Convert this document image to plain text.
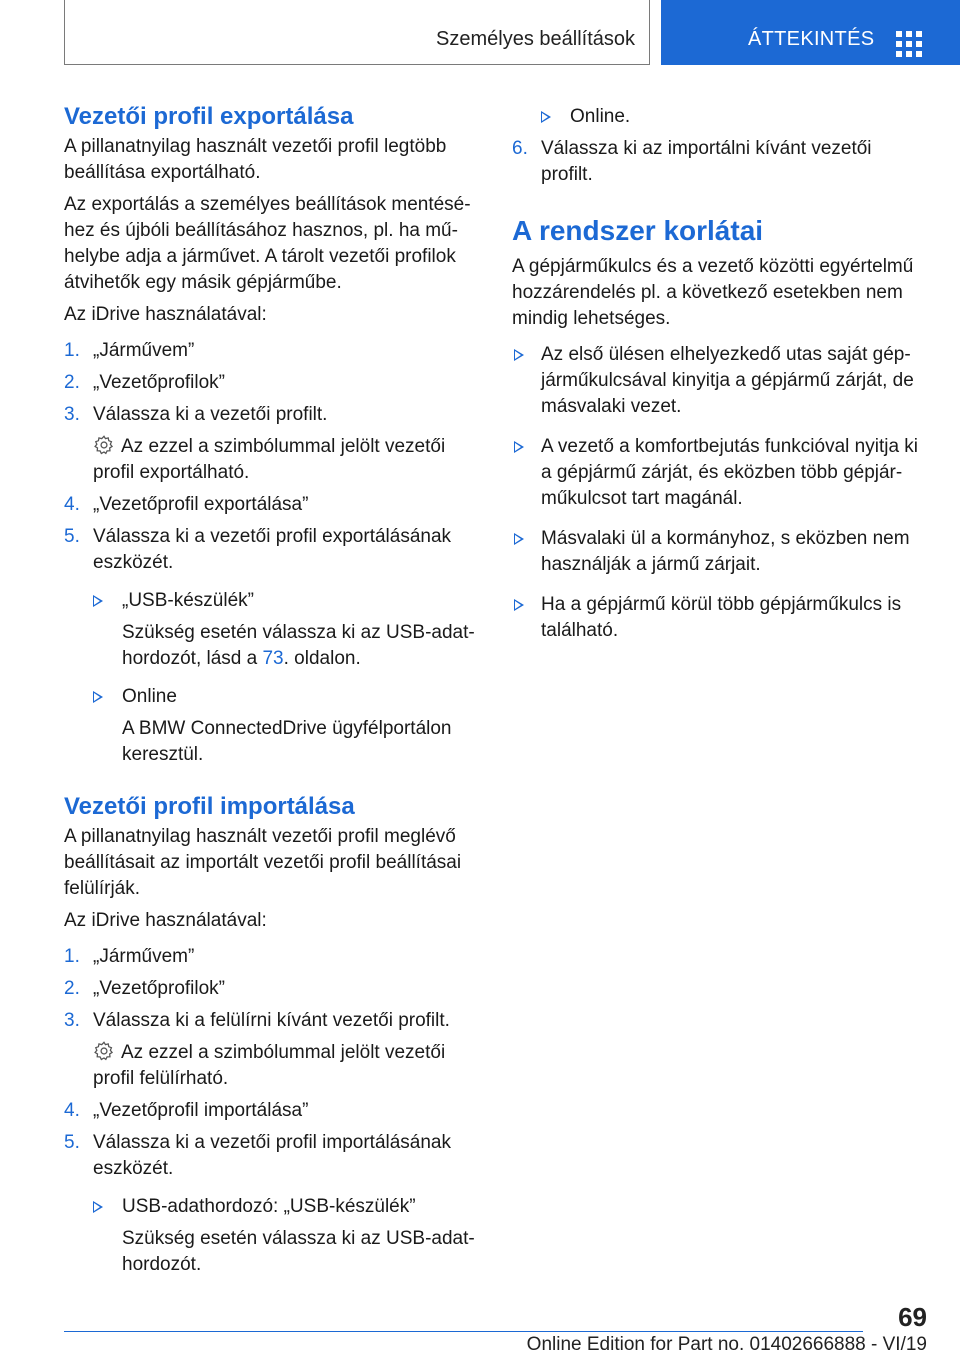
Személyes beállítások	ÁTTEKINTÉS
Vezetői profil exportálása
A pillanatnyilag használt vezetői profil legtöbb beállítása exportálható.
Az exportálás a személyes beállítások mentéséhez és újbóli beállításához hasznos, pl. ha műhelybe adja a járművet. A tárolt vezetői profilok átvihetők egy másik gépjárműbe.
Az iDrive használatával:
1. „Járművem”
2. „Vezetőprofilok”
3. Válassza ki a vezetői profilt.
Az ezzel a szimbólummal jelölt vezetői profil exportálható.
4. „Vezetőprofil exportálása”
5. Válassza ki a vezetői profil exportálásának eszközét.
„USB-készülék”
Szükség esetén válassza ki az USB-adathordozót, lásd a 73. oldalon.
Online
A BMW ConnectedDrive ügyfélportálon keresztül.
Vezetői profil importálása
A pillanatnyilag használt vezetői profil meglévő beállításait az importált vezetői profil beállításai felülírják.
Az iDrive használatával:
1. „Járművem”
2. „Vezetőprofilok”
3. Válassza ki a felülírni kívánt vezetői profilt.
Az ezzel a szimbólummal jelölt vezetői profil felülírható.
4. „Vezetőprofil importálása”
5. Válassza ki a vezetői profil importálásának eszközét.
USB-adathordozó: „USB-készülék”
Szükség esetén válassza ki az USB-adathordozót.
Online.
6. Válassza ki az importálni kívánt vezetői profilt.
A rendszer korlátai
A gépjárműkulcs és a vezető közötti egyértelmű hozzárendelés pl. a következő esetekben nem mindig lehetséges.
Az első ülésen elhelyezkedő utas saját gépjárműkulcsával kinyitja a gépjármű zárját, de másvalaki vezet.
A vezető a komfortbejutás funkcióval nyitja ki a gépjármű zárját, és eközben több gépjárműkulcsot tart magánál.
Másvalaki ül a kormányhoz, s eközben nem használják a jármű zárjait.
Ha a gépjármű körül több gépjárműkulcs is található.
69
Online Edition for Part no. 01402666888 - VI/19
